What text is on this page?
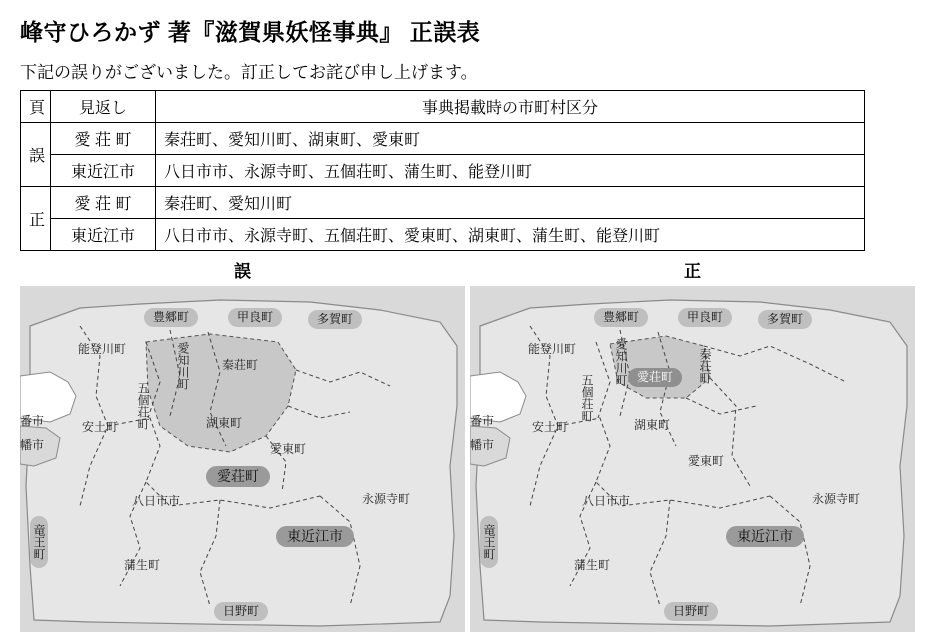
峰守ひろかず 著『滋賀県妖怪事典』 正誤表
下記の誤りがございました。訂正してお詫び申し上げます。
頁	見返し	事典掲載時の市町村区分
誤	愛 荘 町	秦荘町、愛知川町、湖東町、愛東町
	東近江市	八日市市、永源寺町、五個荘町、蒲生町、能登川町
正	愛 荘 町	秦荘町、愛知川町
	東近江市	八日市市、永源寺町、五個荘町、愛東町、湖東町、蒲生町、能登川町
誤
豊郷町	甲良町	多賀町
能登川町	愛知川町	秦荘町
五個荘町
安土町	湖東町
愛東町
愛荘町
八日市市	永源寺町
東近江市
蒲生町
竜王町
日野町
番市
幡市
正
豊郷町	甲良町	多賀町
能登川町	愛知川町	秦荘町
五個荘町
安土町	湖東町
愛東町
愛荘町
八日市市	永源寺町
東近江市
蒲生町
竜王町
日野町
番市
幡市
